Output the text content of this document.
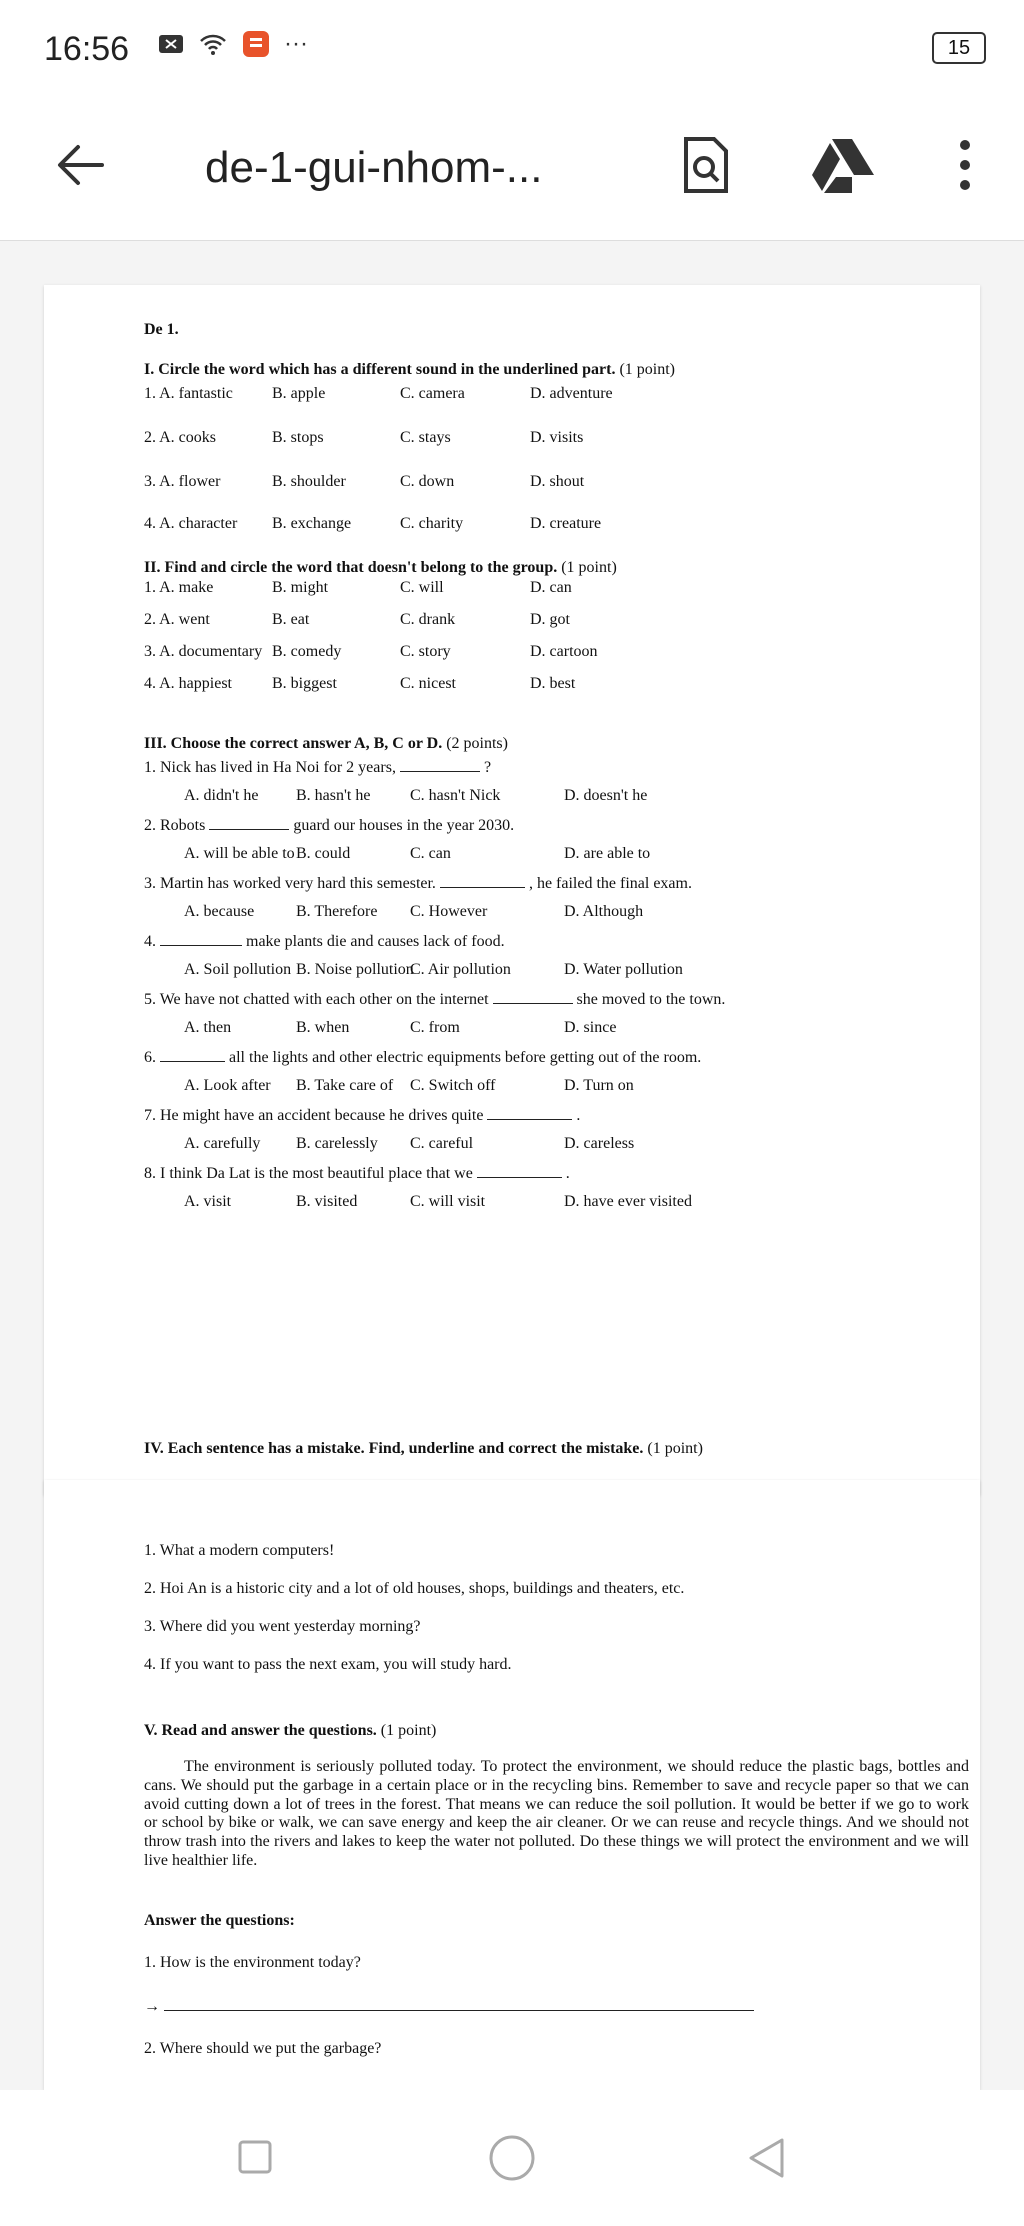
16:56	···	15
de-1-gui-nhom-...
De 1.
I. Circle the word which has a different sound in the underlined part. (1 point)
1. A. fantastic B. apple	C. camera	D. adventure
2. A. cooks	B. stops	C. stays	D. visits
3. A. flower	B. shoulder	C. down	D. shout
4. A. character B. exchange	C. charity	D. creature
II. Find and circle the word that doesn't belong to the group. (1 point)
1. A. make	B. might	C. will	D. can
2. A. went	B. eat	C. drank	D. got
3. A. documentary B. comedy	C. story	D. cartoon
4. A. happiest	B. biggest	C. nicest	D. best
III. Choose the correct answer A, B, C or D. (2 points)
1. Nick has lived in Ha Noi for 2 years,	?
A. didn't he B. hasn't he C. hasn't Nick	D. doesn't he
2. Robots	guard our houses in the year 2030.
A. will be able to B. could	C. can	D. are able to
3. Martin has worked very hard this semester.	, he failed the final exam.
A. because	B. Therefore C. However	D. Although
4.	make plants die and causes lack of food.
A. Soil pollution B. Noise pollution
C. Air pollution	D. Water pollution
5. We have not chatted with each other on the internet	she moved to the town.
A. then	B. when	C. from	D. since
6.	all the lights and other electric equipments before getting out of the room.
A. Look after B. Take care of C. Switch off	D. Turn on
7. He might have an accident because he drives quite	.
A. carefully B. carelessly C. careful	D. careless
8. I think Da Lat is the most beautiful place that we	.
A. visit	B. visited	C. will visit	D. have ever visited
IV. Each sentence has a mistake. Find, underline and correct the mistake. (1 point)
1. What a modern computers!
2. Hoi An is a historic city and a lot of old houses, shops, buildings and theaters, etc.
3. Where did you went yesterday morning?
4. If you want to pass the next exam, you will study hard.
V. Read and answer the questions. (1 point)
The environment is seriously polluted today. To protect the environment, we should reduce the plastic bags, bottles and cans. We should put the garbage in a certain place or in the recycling bins. Remember to save and recycle paper so that we can avoid cutting down a lot of trees in the forest. That means we can reduce the soil pollution. It would be better if we go to work or school by bike or walk, we can save energy and keep the air cleaner. Or we can reuse and recycle things. And we should not throw trash into the rivers and lakes to keep the water not polluted. Do these things we will protect the environment and we will live healthier life.
Answer the questions:
1. How is the environment today?
→
2. Where should we put the garbage?
